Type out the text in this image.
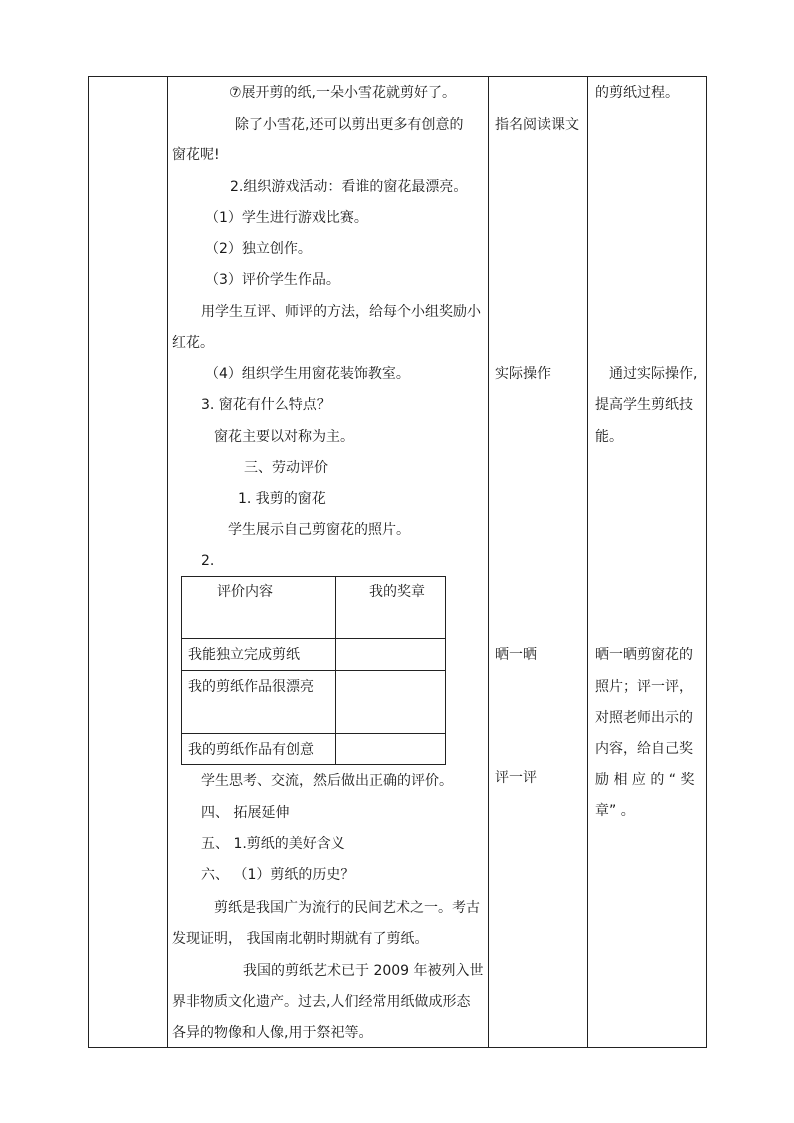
⑦展开剪的纸,一朵小雪花就剪好了。
除了小雪花,还可以剪出更多有创意的
窗花呢!
2.组织游戏活动：看谁的窗花最漂亮。
（1）学生进行游戏比赛。
（2）独立创作。
（3）评价学生作品。
用学生互评、师评的方法，给每个小组奖励小
红花。
（4）组织学生用窗花装饰教室。
3. 窗花有什么特点？
窗花主要以对称为主。
三、劳动评价
1. 我剪的窗花
学生展示自己剪窗花的照片。
2.
评价内容	我的奖章
我能独立完成剪纸
我的剪纸作品很漂亮
我的剪纸作品有创意
学生思考、交流，然后做出正确的评价。
四、 拓展延伸
五、 1.剪纸的美好含义
六、 （1）剪纸的历史？
剪纸是我国广为流行的民间艺术之一。考古
发现证明， 我国南北朝时期就有了剪纸。
我国的剪纸艺术已于 2009 年被列入世
界非物质文化遗产。过去,人们经常用纸做成形态
各异的物像和人像,用于祭祀等。
指名阅读课文
实际操作
晒一晒
评一评
的剪纸过程。
通过实际操作,
提高学生剪纸技
能。
晒一晒剪窗花的
照片；评一评，
对照老师出示的
内容，给自己奖
励 相 应 的 “ 奖
章” 。
